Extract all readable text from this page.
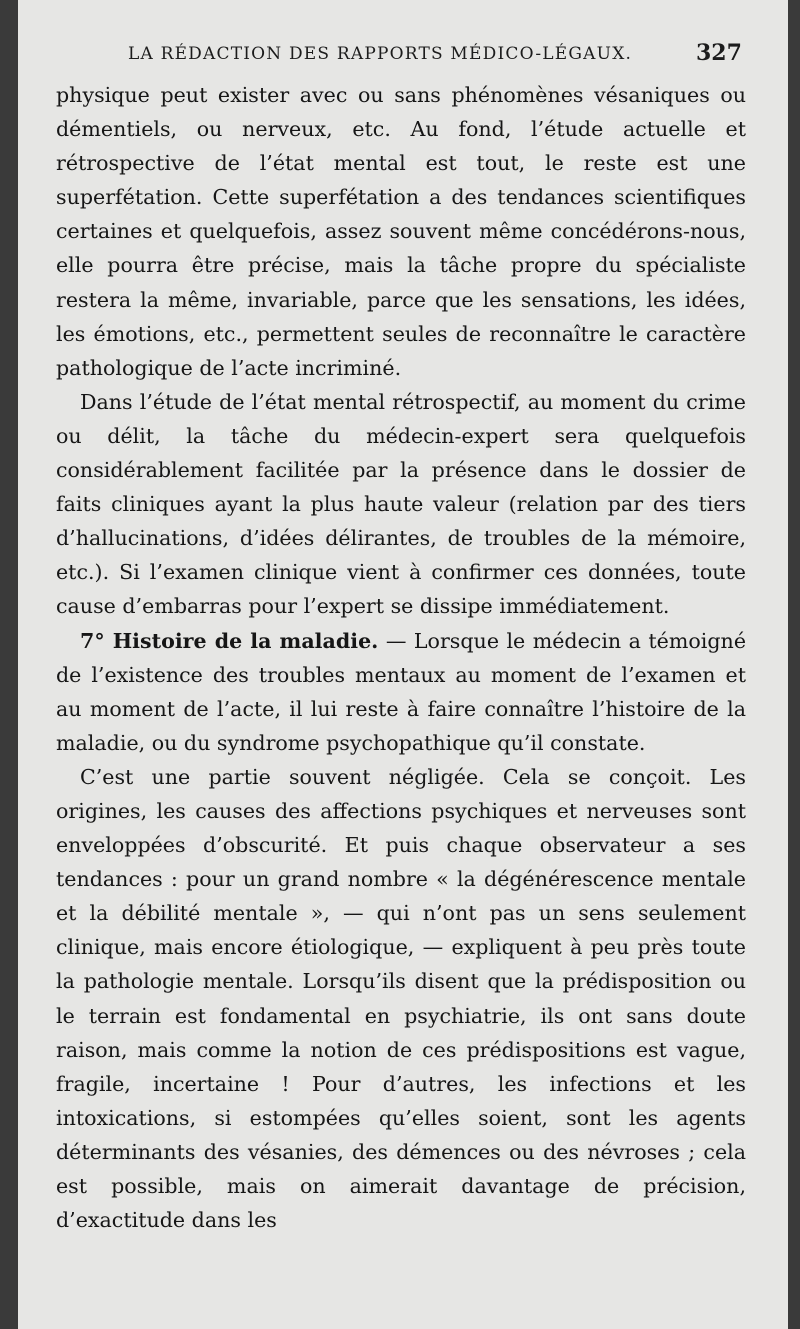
LA RÉDACTION DES RAPPORTS MÉDICO-LÉGAUX.	327

physique peut exister avec ou sans phénomènes vésaniques ou démentiels, ou nerveux, etc. Au fond, l’étude actuelle et rétrospective de l’état mental est tout, le reste est une superfétation. Cette superfétation a des tendances scientifiques certaines et quelquefois, assez souvent même concédérons-nous, elle pourra être précise, mais la tâche propre du spécialiste restera la même, invariable, parce que les sensations, les idées, les émotions, etc., permettent seules de reconnaître le caractère pathologique de l’acte incriminé.

Dans l’étude de l’état mental rétrospectif, au moment du crime ou délit, la tâche du médecin-expert sera quelquefois considérablement facilitée par la présence dans le dossier de faits cliniques ayant la plus haute valeur (relation par des tiers d’hallucinations, d’idées délirantes, de troubles de la mémoire, etc.). Si l’examen clinique vient à confirmer ces données, toute cause d’embarras pour l’expert se dissipe immédiatement.

7° Histoire de la maladie. — Lorsque le médecin a témoigné de l’existence des troubles mentaux au moment de l’examen et au moment de l’acte, il lui reste à faire connaître l’histoire de la maladie, ou du syndrome psychopathique qu’il constate.

C’est une partie souvent négligée. Cela se conçoit. Les origines, les causes des affections psychiques et nerveuses sont enveloppées d’obscurité. Et puis chaque observateur a ses tendances : pour un grand nombre « la dégénérescence mentale et la débilité mentale », — qui n’ont pas un sens seulement clinique, mais encore étiologique, — expliquent à peu près toute la pathologie mentale. Lorsqu’ils disent que la prédisposition ou le terrain est fondamental en psychiatrie, ils ont sans doute raison, mais comme la notion de ces prédispositions est vague, fragile, incertaine ! Pour d’autres, les infections et les intoxications, si estompées qu’elles soient, sont les agents déterminants des vésanies, des démences ou des névroses ; cela est possible, mais on aimerait davantage de précision, d’exactitude dans les
